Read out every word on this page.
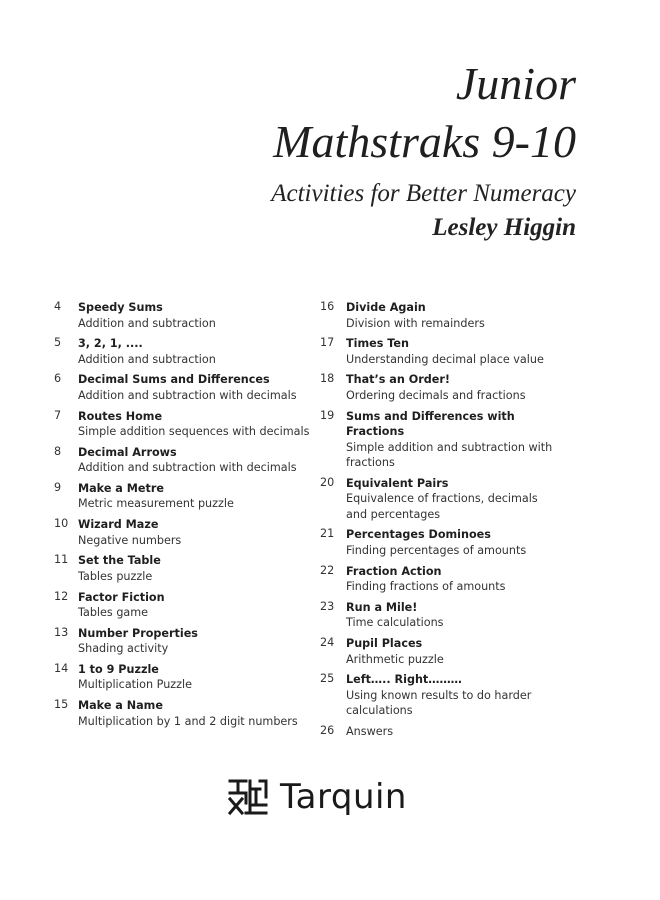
Junior
Mathstraks 9-10
Activities for Better Numeracy
Lesley Higgin
4	Speedy Sums
Addition and subtraction
5	3, 2, 1, ....
Addition and subtraction
6	Decimal Sums and Differences
Addition and subtraction with decimals
7	Routes Home
Simple addition sequences with decimals
8	Decimal Arrows
Addition and subtraction with decimals
9	Make a Metre
Metric measurement puzzle
10 Wizard Maze
Negative numbers
11 Set the Table
Tables puzzle
12 Factor Fiction
Tables game
13 Number Properties
Shading activity
14 1 to 9 Puzzle
Multiplication Puzzle
15 Make a Name
Multiplication by 1 and 2 digit numbers
16	Divide Again
Division with remainders
17	Times Ten
Understanding decimal place value
18	That’s an Order!
Ordering decimals and fractions
19	Sums and Differences with Fractions
Simple addition and subtraction with fractions
20	Equivalent Pairs
Equivalence of fractions, decimals and percentages
21	Percentages Dominoes
Finding percentages of amounts
22	Fraction Action
Finding fractions of amounts
23	Run a Mile!
Time calculations
24	Pupil Places
Arithmetic puzzle
25	Left….. Right………
Using known results to do harder calculations
26	Answers
Tarquin
